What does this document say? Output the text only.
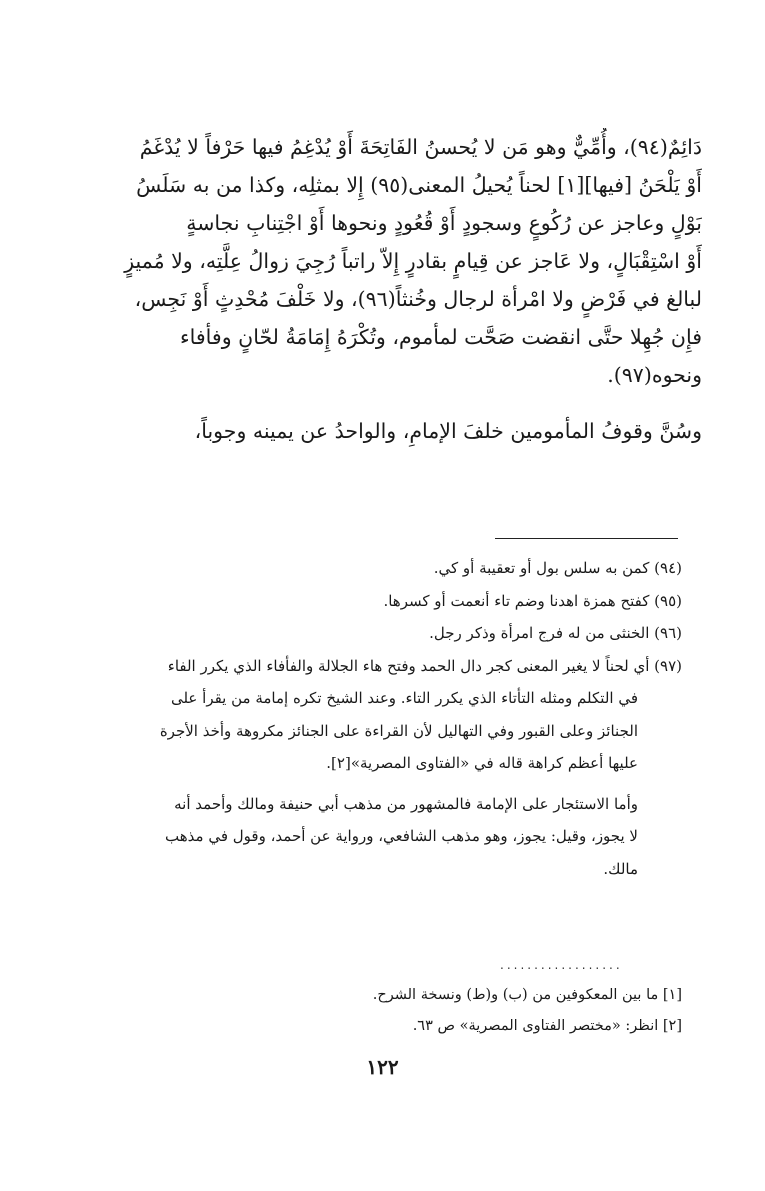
دَائِمٌ(٩٤)، وأُمِّيٌّ وهو مَن لا يُحسنُ الفَاتِحَةَ أَوْ يُدْغِمُ فيها حَرْفاً لا يُدْغَمُ
أَوْ يَلْحَنُ [فيها][١] لحناً يُحيلُ المعنى(٩٥) إِلا بمثلِه، وكذا من به سَلَسُ
بَوْلٍ وعاجز عن رُكُوعٍ وسجودٍ أَوْ قُعُودٍ ونحوها أَوْ اجْتِنابِ نجاسةٍ
أَوْ اسْتِقْبَالٍ، ولا عَاجز عن قِيامٍ بقادرٍ إِلاّ راتباً رُجِيَ زوالُ عِلَّتِه، ولا مُميزٍ
لبالغ في فَرْضٍ ولا امْرأة لرجال وخُنثاً(٩٦)، ولا خَلْفَ مُحْدِثٍ أَوْ نَجِس،
فإِن جُهِلا حتَّى انقضت صَحَّت لمأموم، وتُكْرَهُ إِمَامَةُ لحّانٍ وفأفاء
ونحوه(٩٧).
وسُنَّ وقوفُ المأمومين خلفَ الإمامِ، والواحدُ عن يمينه وجوباً،
(٩٤) كمن به سلس بول أو تعقيبة أو كي.
(٩٥) كفتح همزة اهدنا وضم تاء أنعمت أو كسرها.
(٩٦) الخنثى من له فرج امرأة وذكر رجل.
(٩٧) أي لحناً لا يغير المعنى كجر دال الحمد وفتح هاء الجلالة والفأفاء الذي يكرر الفاء
في التكلم ومثله التأتاء الذي يكرر التاء. وعند الشيخ تكره إمامة من يقرأ على
الجنائز وعلى القبور وفي التهاليل لأن القراءة على الجنائز مكروهة وأخذ الأجرة
عليها أعظم كراهة قاله في «الفتاوى المصرية»[٢].
وأما الاستئجار على الإمامة فالمشهور من مذهب أبي حنيفة ومالك وأحمد أنه
لا يجوز، وقيل: يجوز، وهو مذهب الشافعي، ورواية عن أحمد، وقول في مذهب
مالك.
..................
[١] ما بين المعكوفين من (ب) و(ط) ونسخة الشرح.
[٢] انظر: «مختصر الفتاوى المصرية» ص ٦٣.
١٢٢
